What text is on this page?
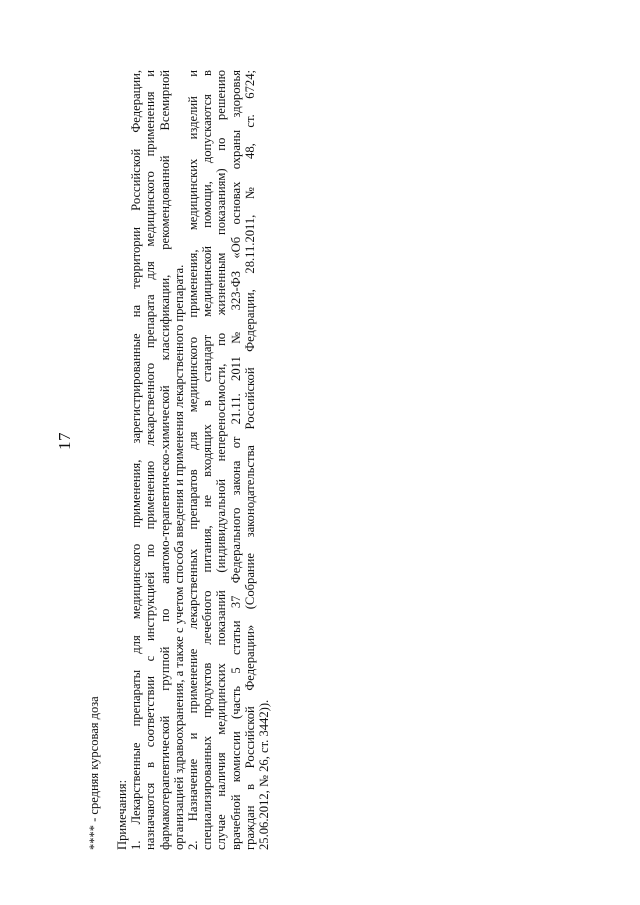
17
**** - средняя курсовая доза Примечания: 1. Лекарственные препараты для медицинского применения, зарегистрированные на территории Российской Федерации, назначаются в соответствии с инструкцией по применению лекарственного препарата для медицинского применения и фармакотерапевтической группой по анатомо-терапевтическо-химической классификации, рекомендованной Всемирной организацией здравоохранения, а также с учетом способа введения и применения лекарственного препарата. 2. Назначение и применение лекарственных препаратов для медицинского применения, медицинских изделий и специализированных продуктов лечебного питания, не входящих в стандарт медицинской помощи, допускаются в случае наличия медицинских показаний (индивидуальной непереносимости, по жизненным показаниям) по решению врачебной комиссии (часть 5 статьи 37 Федерального закона от 21.11. 2011 № 323-ФЗ «Об основах охраны здоровья граждан в Российской Федерации» (Собрание законодательства Российской Федерации, 28.11.2011, № 48, ст. 6724; 25.06.2012, № 26, ст. 3442)).
